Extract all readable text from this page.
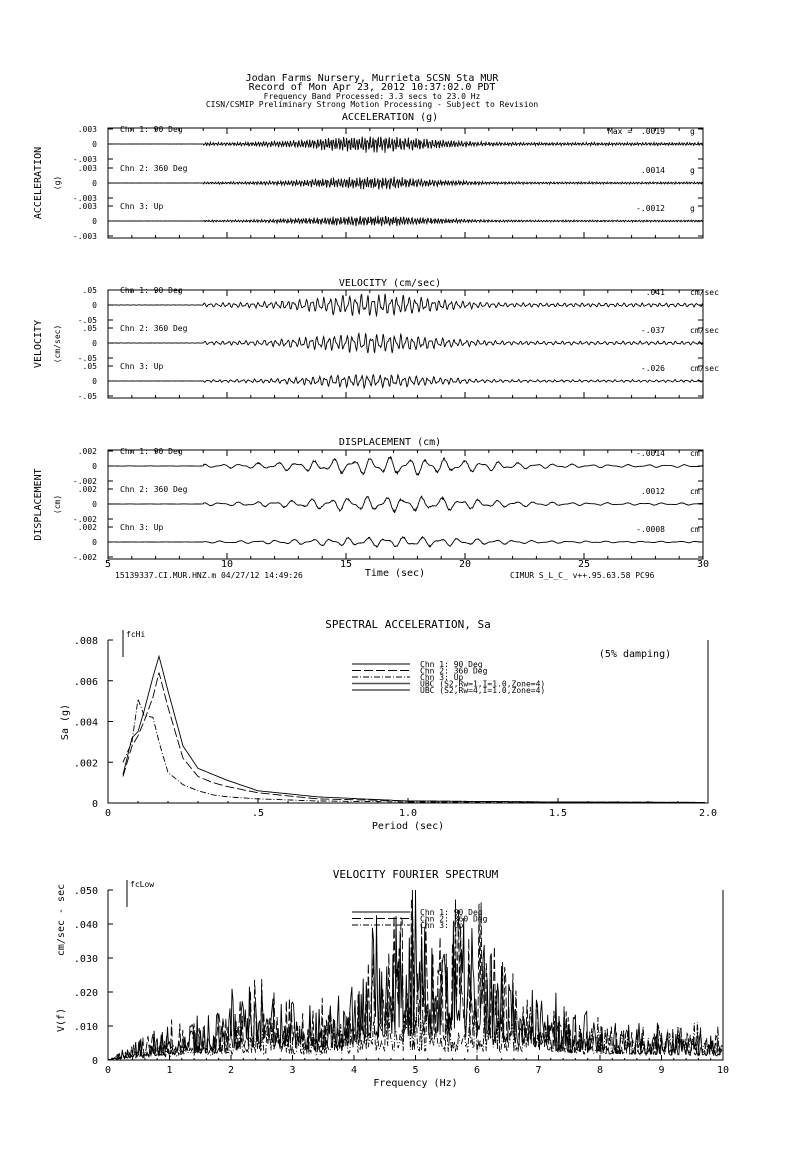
Jodan Farms Nursery, Murrieta SCSN Sta MUR
Record of Mon Apr 23, 2012 10:37:02.0 PDT
Frequency Band Processed: 3.3 secs to 23.0 Hz
CISN/CSMIP Preliminary Strong Motion Processing - Subject to Revision
15139337.CI.MUR.HNZ.m 04/27/12 14:49:26	CIMUR S_L_C_ v++.95.63.58 PC96
ACCELERATION (g)
ACCELERATION (g)
.003
0
-.003
Chn 1: 90 Deg	.0019	g
Max =
.003
0
-.003
Chn 2: 360 Deg	.0014	g
.003
0
-.003
Chn 3: Up	-.0012	g
VELOCITY (cm/sec)
VELOCITY (cm/sec)
.05
0
-.05
Chn 1: 90 Deg	.041	cm/sec
.05
0
-.05
Chn 2: 360 Deg	-.037	cm/sec
.05
0
-.05
Chn 3: Up	-.026	cm/sec
DISPLACEMENT (cm)
DISPLACEMENT (cm)
.002
0
-.002
Chn 1: 90 Deg	-.0014	cm
.002
0
-.002
Chn 2: 360 Deg	.0012	cm
.002
0
-.002
Chn 3: Up	-.0008	cm
5	10	15	20	25	30
Time (sec)
SPECTRAL ACCELERATION, Sa
0	.5	1.0	1.5	2.0
.008
.006
.004
.002
0
Period (sec)
fcHi
Chn 1: 90 Deg
Chn 2: 360 Deg
Chn 3: Up
UBC (S2,Rw=1,I=1.0,Zone=4)
UBC (S2,Rw=4,I=1.0,Zone=4)
Sa (g)
(5% damping)
VELOCITY FOURIER SPECTRUM
0	1	2	3	4	5	6	7	8	9	10
.050
.040
.030
.020
.010
0
Frequency (Hz)
fcLow
Chn 1: 90 Deg
Chn 2: 360 Deg
Chn 3: Up
V(f)
cm/sec - sec
